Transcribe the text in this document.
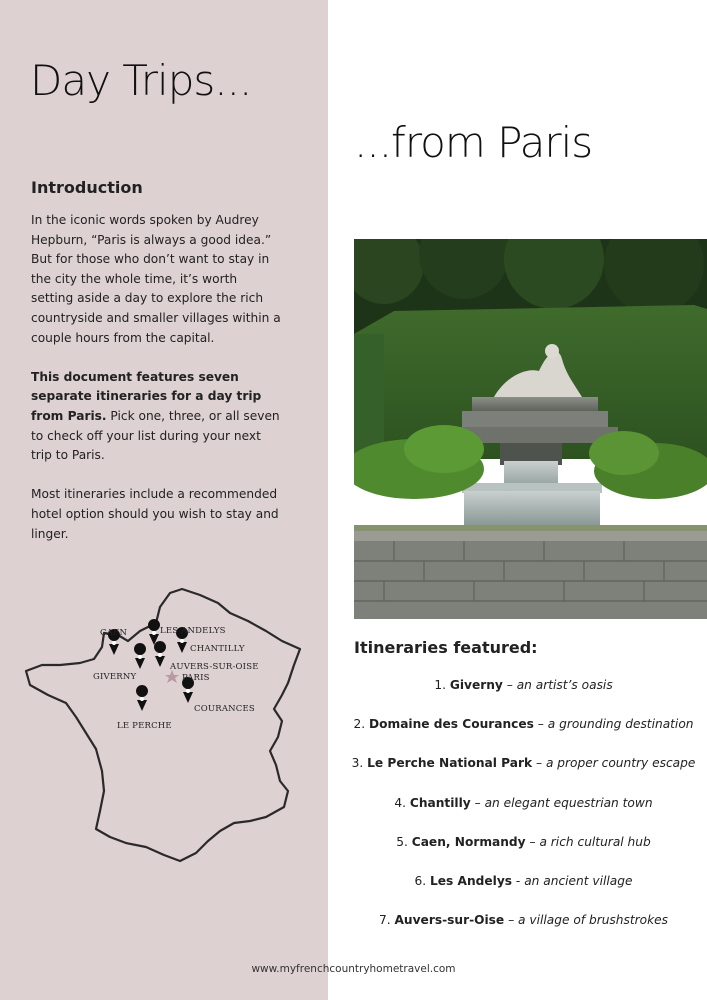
Day Trips...
...from Paris
Introduction

In the iconic words spoken by Audrey Hepburn, “Paris is always a good idea.” But for those who don’t want to stay in the city the whole time, it’s worth setting aside a day to explore the rich countryside and smaller villages within a couple hours from the capital.

This document features seven separate itineraries for a day trip from Paris. Pick one, three, or all seven to check off your list during your next trip to Paris.

Most itineraries include a recommended hotel option should you wish to stay and linger.

CAEN	LES ANDELYS
CHANTILLY
AUVERS-SUR-OISE
PARIS
GIVERNY
COURANCES
LE PERCHE
Itineraries featured:
1. Giverny – an artist’s oasis
2. Domaine des Courances – a grounding destination
3. Le Perche National Park – a proper country escape
4. Chantilly – an elegant equestrian town
5. Caen, Normandy – a rich cultural hub
6. Les Andelys - an ancient village
7. Auvers-sur-Oise – a village of brushstrokes
www.myfrenchcountryhometravel.com
